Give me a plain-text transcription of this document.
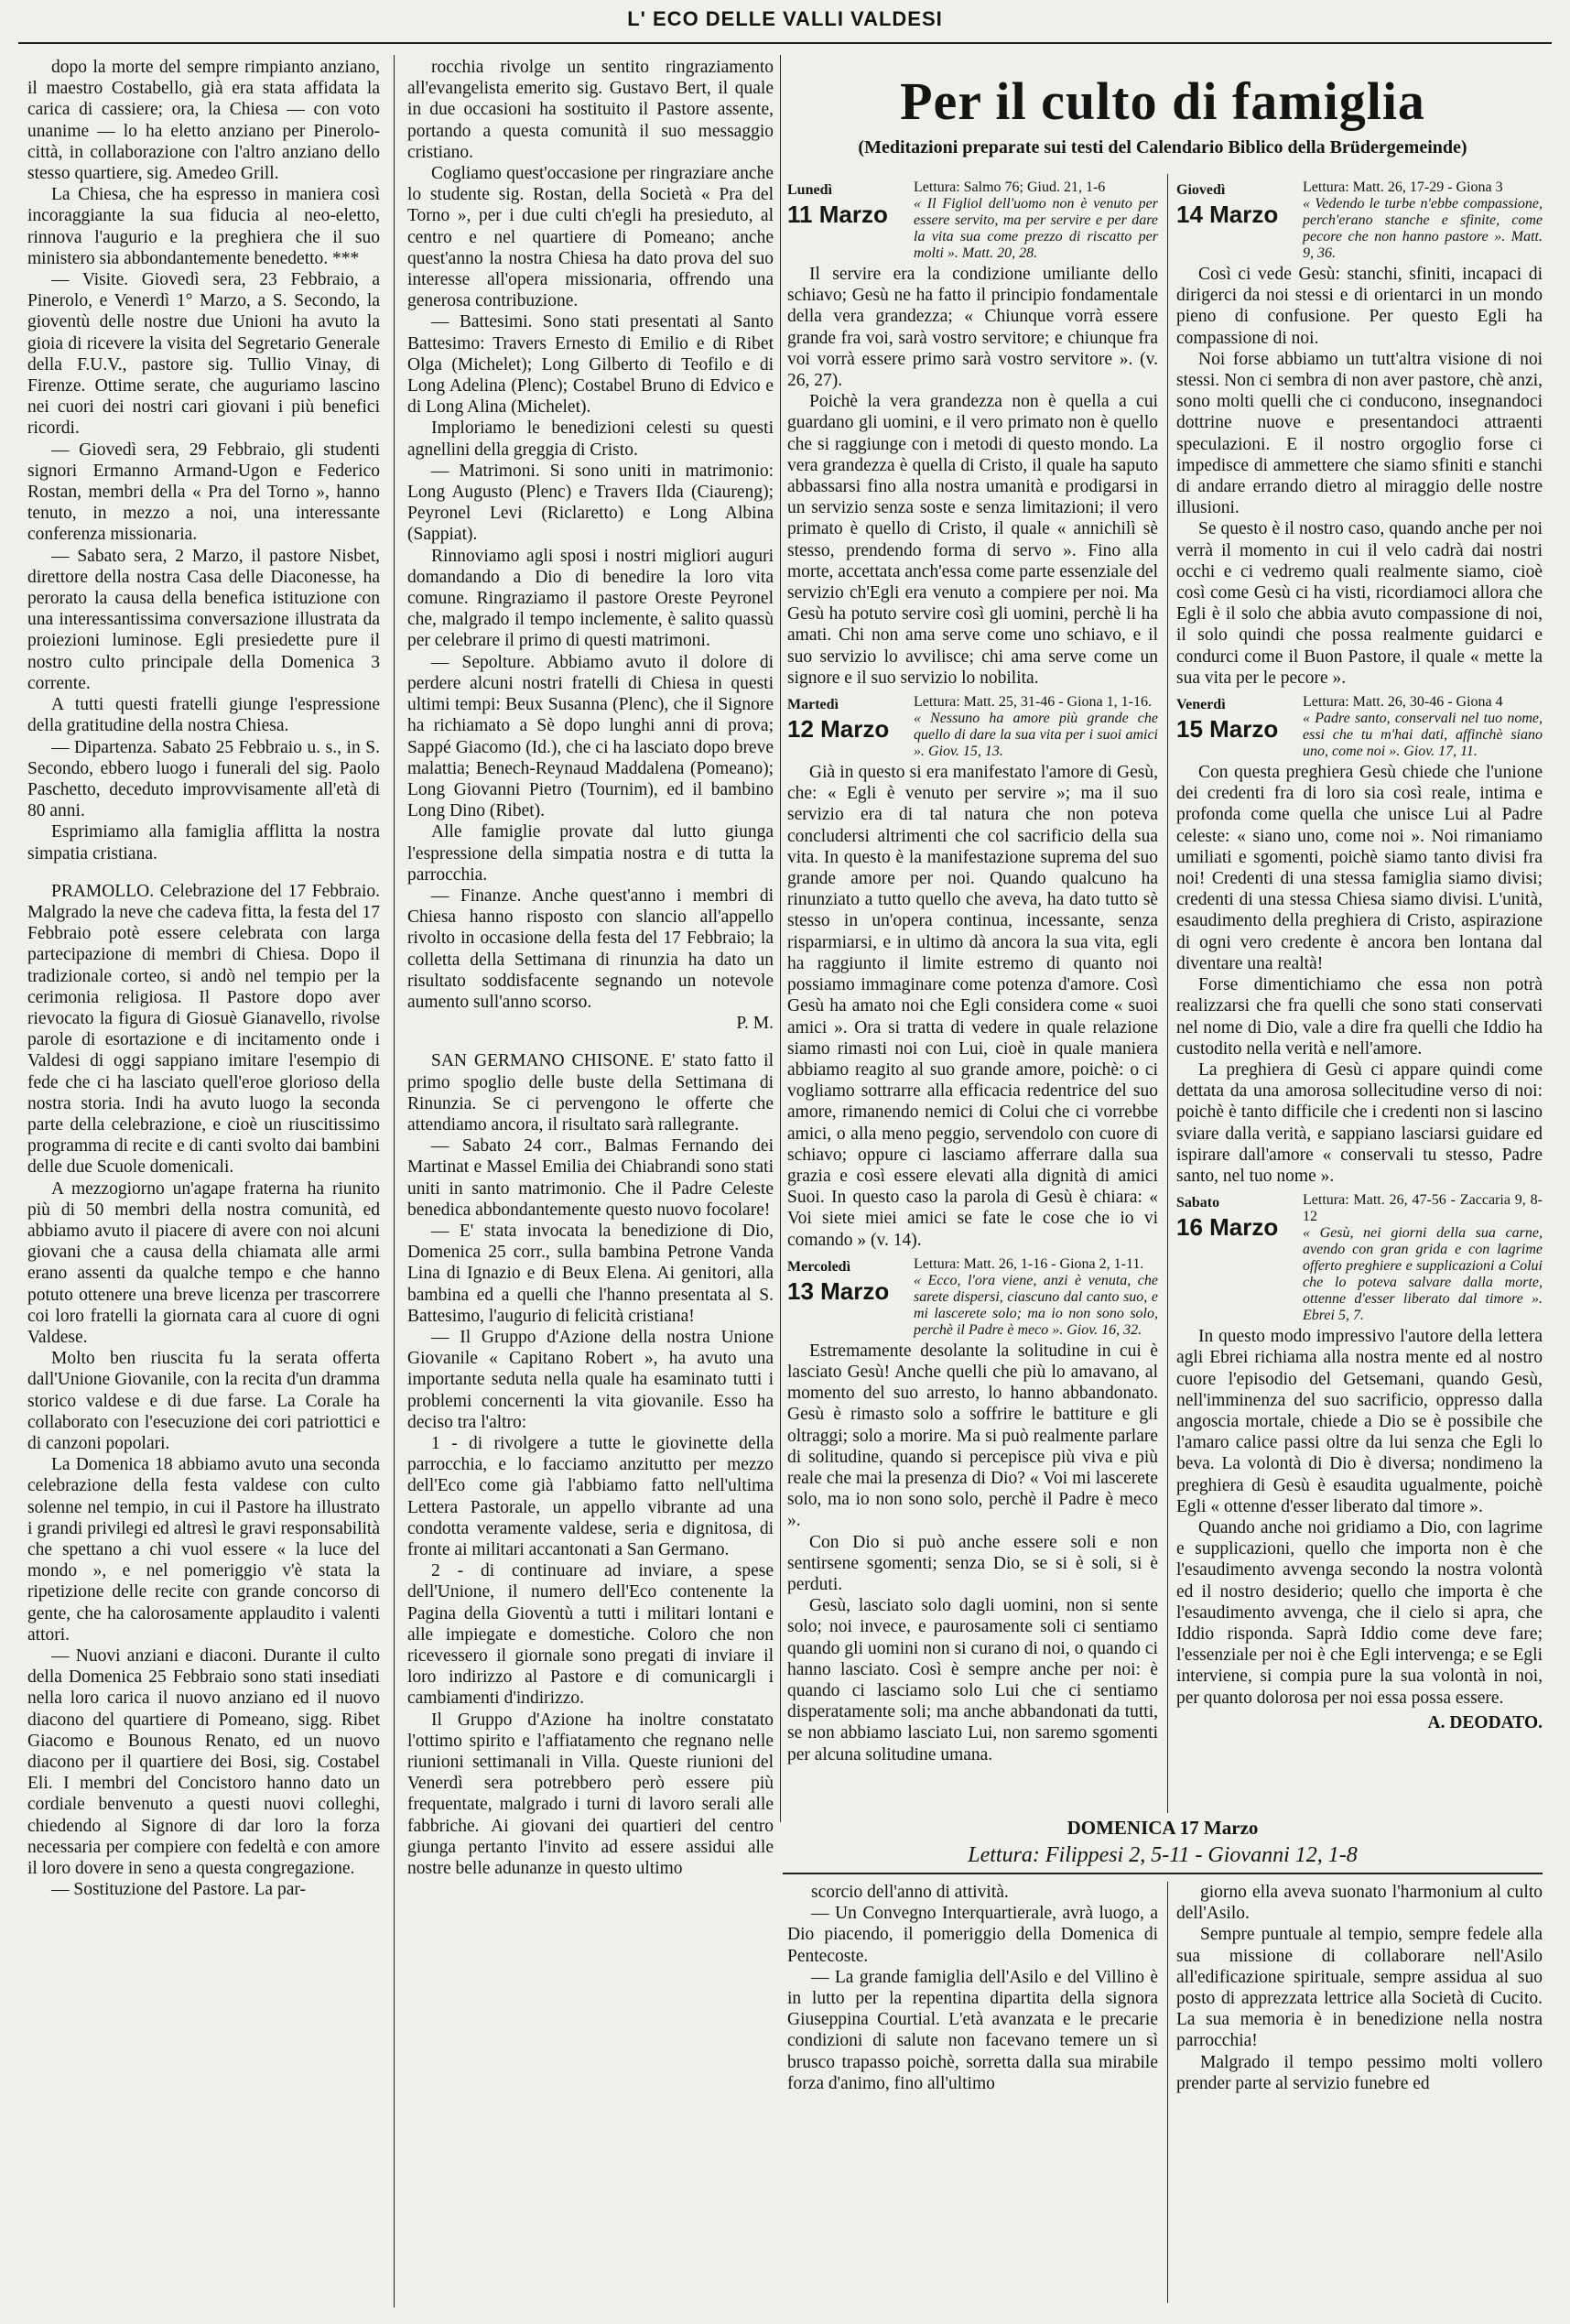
L' ECO DELLE VALLI VALDESI

dopo la morte del sempre rimpianto anziano, il maestro Costabello, già era stata affidata la carica di cassiere; ora, la Chiesa — con voto unanime — lo ha eletto anziano per Pinerolo-città, in collaborazione con l'altro anziano dello stesso quartiere, sig. Amedeo Grill.

La Chiesa, che ha espresso in maniera così incoraggiante la sua fiducia al neo-eletto, rinnova l'augurio e la preghiera che il suo ministero sia abbondantemente benedetto. ***

— Visite. Giovedì sera, 23 Febbraio, a Pinerolo, e Venerdì 1° Marzo, a S. Secondo, la gioventù delle nostre due Unioni ha avuto la gioia di ricevere la visita del Segretario Generale della F.U.V., pastore sig. Tullio Vinay, di Firenze. Ottime serate, che auguriamo lascino nei cuori dei nostri cari giovani i più benefici ricordi.

— Giovedì sera, 29 Febbraio, gli studenti signori Ermanno Armand-Ugon e Federico Rostan, membri della « Pra del Torno », hanno tenuto, in mezzo a noi, una interessante conferenza missionaria.

— Sabato sera, 2 Marzo, il pastore Nisbet, direttore della nostra Casa delle Diaconesse, ha perorato la causa della benefica istituzione con una interessantissima conversazione illustrata da proiezioni luminose. Egli presiedette pure il nostro culto principale della Domenica 3 corrente.

A tutti questi fratelli giunge l'espressione della gratitudine della nostra Chiesa.

— Dipartenza. Sabato 25 Febbraio u. s., in S. Secondo, ebbero luogo i funerali del sig. Paolo Paschetto, deceduto improvvisamente all'età di 80 anni.

Esprimiamo alla famiglia afflitta la nostra simpatia cristiana.

PRAMOLLO. Celebrazione del 17 Febbraio. Malgrado la neve che cadeva fitta, la festa del 17 Febbraio potè essere celebrata con larga partecipazione di membri di Chiesa. Dopo il tradizionale corteo, si andò nel tempio per la cerimonia religiosa. Il Pastore dopo aver rievocato la figura di Giosuè Gianavello, rivolse parole di esortazione e di incitamento onde i Valdesi di oggi sappiano imitare l'esempio di fede che ci ha lasciato quell'eroe glorioso della nostra storia. Indi ha avuto luogo la seconda parte della celebrazione, e cioè un riuscitissimo programma di recite e di canti svolto dai bambini delle due Scuole domenicali.

A mezzogiorno un'agape fraterna ha riunito più di 50 membri della nostra comunità, ed abbiamo avuto il piacere di avere con noi alcuni giovani che a causa della chiamata alle armi erano assenti da qualche tempo e che hanno potuto ottenere una breve licenza per trascorrere coi loro fratelli la giornata cara al cuore di ogni Valdese.

Molto ben riuscita fu la serata offerta dall'Unione Giovanile, con la recita d'un dramma storico valdese e di due farse. La Corale ha collaborato con l'esecuzione dei cori patriottici e di canzoni popolari.

La Domenica 18 abbiamo avuto una seconda celebrazione della festa valdese con culto solenne nel tempio, in cui il Pastore ha illustrato i grandi privilegi ed altresì le gravi responsabilità che spettano a chi vuol essere « la luce del mondo », e nel pomeriggio v'è stata la ripetizione delle recite con grande concorso di gente, che ha calorosamente applaudito i valenti attori.

— Nuovi anziani e diaconi. Durante il culto della Domenica 25 Febbraio sono stati insediati nella loro carica il nuovo anziano ed il nuovo diacono del quartiere di Pomeano, sigg. Ribet Giacomo e Bounous Renato, ed un nuovo diacono per il quartiere dei Bosi, sig. Costabel Eli. I membri del Concistoro hanno dato un cordiale benvenuto a questi nuovi colleghi, chiedendo al Signore di dar loro la forza necessaria per compiere con fedeltà e con amore il loro dovere in seno a questa congregazione.

— Sostituzione del Pastore. La par-

rocchia rivolge un sentito ringraziamento all'evangelista emerito sig. Gustavo Bert, il quale in due occasioni ha sostituito il Pastore assente, portando a questa comunità il suo messaggio cristiano.

Cogliamo quest'occasione per ringraziare anche lo studente sig. Rostan, della Società « Pra del Torno », per i due culti ch'egli ha presieduto, al centro e nel quartiere di Pomeano; anche quest'anno la nostra Chiesa ha dato prova del suo interesse all'opera missionaria, offrendo una generosa contribuzione.

— Battesimi. Sono stati presentati al Santo Battesimo: Travers Ernesto di Emilio e di Ribet Olga (Michelet); Long Gilberto di Teofilo e di Long Adelina (Plenc); Costabel Bruno di Edvico e di Long Alina (Michelet).

Imploriamo le benedizioni celesti su questi agnellini della greggia di Cristo.

— Matrimoni. Si sono uniti in matrimonio: Long Augusto (Plenc) e Travers Ilda (Ciaureng); Peyronel Levi (Riclaretto) e Long Albina (Sappiat).

Rinnoviamo agli sposi i nostri migliori auguri domandando a Dio di benedire la loro vita comune. Ringraziamo il pastore Oreste Peyronel che, malgrado il tempo inclemente, è salito quassù per celebrare il primo di questi matrimoni.

— Sepolture. Abbiamo avuto il dolore di perdere alcuni nostri fratelli di Chiesa in questi ultimi tempi: Beux Susanna (Plenc), che il Signore ha richiamato a Sè dopo lunghi anni di prova; Sappé Giacomo (Id.), che ci ha lasciato dopo breve malattia; Benech-Reynaud Maddalena (Pomeano); Long Giovanni Pietro (Tournim), ed il bambino Long Dino (Ribet).

Alle famiglie provate dal lutto giunga l'espressione della simpatia nostra e di tutta la parrocchia.

— Finanze. Anche quest'anno i membri di Chiesa hanno risposto con slancio all'appello rivolto in occasione della festa del 17 Febbraio; la colletta della Settimana di rinunzia ha dato un risultato soddisfacente segnando un notevole aumento sull'anno scorso.

P. M.

SAN GERMANO CHISONE. E' stato fatto il primo spoglio delle buste della Settimana di Rinunzia. Se ci pervengono le offerte che attendiamo ancora, il risultato sarà rallegrante.

— Sabato 24 corr., Balmas Fernando dei Martinat e Massel Emilia dei Chiabrandi sono stati uniti in santo matrimonio. Che il Padre Celeste benedica abbondantemente questo nuovo focolare!

— E' stata invocata la benedizione di Dio, Domenica 25 corr., sulla bambina Petrone Vanda Lina di Ignazio e di Beux Elena. Ai genitori, alla bambina ed a quelli che l'hanno presentata al S. Battesimo, l'augurio di felicità cristiana!

— Il Gruppo d'Azione della nostra Unione Giovanile « Capitano Robert », ha avuto una importante seduta nella quale ha esaminato tutti i problemi concernenti la vita giovanile. Esso ha deciso tra l'altro:

1 - di rivolgere a tutte le giovinette della parrocchia, e lo facciamo anzitutto per mezzo dell'Eco come già l'abbiamo fatto nell'ultima Lettera Pastorale, un appello vibrante ad una condotta veramente valdese, seria e dignitosa, di fronte ai militari accantonati a San Germano.

2 - di continuare ad inviare, a spese dell'Unione, il numero dell'Eco contenente la Pagina della Gioventù a tutti i militari lontani e alle impiegate e domestiche. Coloro che non ricevessero il giornale sono pregati di inviare il loro indirizzo al Pastore e di comunicargli i cambiamenti d'indirizzo.

Il Gruppo d'Azione ha inoltre constatato l'ottimo spirito e l'affiatamento che regnano nelle riunioni settimanali in Villa. Queste riunioni del Venerdì sera potrebbero però essere più frequentate, malgrado i turni di lavoro serali alle fabbriche. Ai giovani dei quartieri del centro giunga pertanto l'invito ad essere assidui alle nostre belle adunanze in questo ultimo

Per il culto di famiglia
(Meditazioni preparate sui testi del Calendario Biblico della Brüdergemeinde)
Lunedì
11 Marzo
Lettura: Salmo 76; Giud. 21, 1-6
« Il Figliol dell'uomo non è venuto per essere servito, ma per servire e per dare la vita sua come prezzo di riscatto per molti ». Matt. 20, 28.

Il servire era la condizione umiliante dello schiavo; Gesù ne ha fatto il principio fondamentale della vera grandezza; « Chiunque vorrà essere grande fra voi, sarà vostro servitore; e chiunque fra voi vorrà essere primo sarà vostro servitore ». (v. 26, 27).

Poichè la vera grandezza non è quella a cui guardano gli uomini, e il vero primato non è quello che si raggiunge con i metodi di questo mondo. La vera grandezza è quella di Cristo, il quale ha saputo abbassarsi fino alla nostra umanità e prodigarsi in un servizio senza soste e senza limitazioni; il vero primato è quello di Cristo, il quale « annichilì sè stesso, prendendo forma di servo ». Fino alla morte, accettata anch'essa come parte essenziale del servizio ch'Egli era venuto a compiere per noi. Ma Gesù ha potuto servire così gli uomini, perchè li ha amati. Chi non ama serve come uno schiavo, e il suo servizio lo avvilisce; chi ama serve come un signore e il suo servizio lo nobilita.

Martedì
12 Marzo
Lettura: Matt. 25, 31-46 - Giona 1, 1-16.
« Nessuno ha amore più grande che quello di dare la sua vita per i suoi amici ». Giov. 15, 13.

Già in questo si era manifestato l'amore di Gesù, che: « Egli è venuto per servire »; ma il suo servizio era di tal natura che non poteva concludersi altrimenti che col sacrificio della sua vita. In questo è la manifestazione suprema del suo grande amore per noi. Quando qualcuno ha rinunziato a tutto quello che aveva, ha dato tutto sè stesso in un'opera continua, incessante, senza risparmiarsi, e in ultimo dà ancora la sua vita, egli ha raggiunto il limite estremo di quanto noi possiamo immaginare come potenza d'amore. Così Gesù ha amato noi che Egli considera come « suoi amici ». Ora si tratta di vedere in quale relazione siamo rimasti noi con Lui, cioè in quale maniera abbiamo reagito al suo grande amore, poichè: o ci vogliamo sottrarre alla efficacia redentrice del suo amore, rimanendo nemici di Colui che ci vorrebbe amici, o alla meno peggio, servendolo con cuore di schiavo; oppure ci lasciamo afferrare dalla sua grazia e così essere elevati alla dignità di amici Suoi. In questo caso la parola di Gesù è chiara: « Voi siete miei amici se fate le cose che io vi comando » (v. 14).

Mercoledì
13 Marzo
Lettura: Matt. 26, 1-16 - Giona 2, 1-11.
« Ecco, l'ora viene, anzi è venuta, che sarete dispersi, ciascuno dal canto suo, e mi lascerete solo; ma io non sono solo, perchè il Padre è meco ». Giov. 16, 32.

Estremamente desolante la solitudine in cui è lasciato Gesù! Anche quelli che più lo amavano, al momento del suo arresto, lo hanno abbandonato. Gesù è rimasto solo a soffrire le battiture e gli oltraggi; solo a morire. Ma si può realmente parlare di solitudine, quando si percepisce più viva e più reale che mai la presenza di Dio? « Voi mi lascerete solo, ma io non sono solo, perchè il Padre è meco ».

Con Dio si può anche essere soli e non sentirsene sgomenti; senza Dio, se si è soli, si è perduti.

Gesù, lasciato solo dagli uomini, non si sente solo; noi invece, e paurosamente soli ci sentiamo quando gli uomini non si curano di noi, o quando ci hanno lasciato. Così è sempre anche per noi: è quando ci lasciamo solo Lui che ci sentiamo disperatamente soli; ma anche abbandonati da tutti, se non abbiamo lasciato Lui, non saremo sgomenti per alcuna solitudine umana.

Giovedì
14 Marzo
Lettura: Matt. 26, 17-29 - Giona 3
« Vedendo le turbe n'ebbe compassione, perch'erano stanche e sfinite, come pecore che non hanno pastore ». Matt. 9, 36.

Così ci vede Gesù: stanchi, sfiniti, incapaci di dirigerci da noi stessi e di orientarci in un mondo pieno di confusione. Per questo Egli ha compassione di noi.

Noi forse abbiamo un tutt'altra visione di noi stessi. Non ci sembra di non aver pastore, chè anzi, sono molti quelli che ci conducono, insegnandoci dottrine nuove e presentandoci attraenti speculazioni. E il nostro orgoglio forse ci impedisce di ammettere che siamo sfiniti e stanchi di andare errando dietro al miraggio delle nostre illusioni.

Se questo è il nostro caso, quando anche per noi verrà il momento in cui il velo cadrà dai nostri occhi e ci vedremo quali realmente siamo, cioè così come Gesù ci ha visti, ricordiamoci allora che Egli è il solo che abbia avuto compassione di noi, il solo quindi che possa realmente guidarci e condurci come il Buon Pastore, il quale « mette la sua vita per le pecore ».

Venerdì
15 Marzo
Lettura: Matt. 26, 30-46 - Giona 4
« Padre santo, conservali nel tuo nome, essi che tu m'hai dati, affinchè siano uno, come noi ». Giov. 17, 11.

Con questa preghiera Gesù chiede che l'unione dei credenti fra di loro sia così reale, intima e profonda come quella che unisce Lui al Padre celeste: « siano uno, come noi ». Noi rimaniamo umiliati e sgomenti, poichè siamo tanto divisi fra noi! Credenti di una stessa famiglia siamo divisi; credenti di una stessa Chiesa siamo divisi. L'unità, esaudimento della preghiera di Cristo, aspirazione di ogni vero credente è ancora ben lontana dal diventare una realtà!

Forse dimentichiamo che essa non potrà realizzarsi che fra quelli che sono stati conservati nel nome di Dio, vale a dire fra quelli che Iddio ha custodito nella verità e nell'amore.

La preghiera di Gesù ci appare quindi come dettata da una amorosa sollecitudine verso di noi: poichè è tanto difficile che i credenti non si lascino sviare dalla verità, e sappiano lasciarsi guidare ed ispirare dall'amore « conservali tu stesso, Padre santo, nel tuo nome ».

Sabato
16 Marzo
Lettura: Matt. 26, 47-56 - Zaccaria 9, 8-12
« Gesù, nei giorni della sua carne, avendo con gran grida e con lagrime offerto preghiere e supplicazioni a Colui che lo poteva salvare dalla morte, ottenne d'esser liberato dal timore ». Ebrei 5, 7.

In questo modo impressivo l'autore della lettera agli Ebrei richiama alla nostra mente ed al nostro cuore l'episodio del Getsemani, quando Gesù, nell'imminenza del suo sacrificio, oppresso dalla angoscia mortale, chiede a Dio se è possibile che l'amaro calice passi oltre da lui senza che Egli lo beva. La volontà di Dio è diversa; nondimeno la preghiera di Gesù è esaudita ugualmente, poichè Egli « ottenne d'esser liberato dal timore ».

Quando anche noi gridiamo a Dio, con lagrime e supplicazioni, quello che importa non è che l'esaudimento avvenga secondo la nostra volontà ed il nostro desiderio; quello che importa è che l'esaudimento avvenga, che il cielo si apra, che Iddio risponda. Saprà Iddio come deve fare; l'essenziale per noi è che Egli intervenga; e se Egli interviene, si compia pure la sua volontà in noi, per quanto dolorosa per noi essa possa essere.

A. DEODATO.
DOMENICA 17 Marzo
Lettura: Filippesi 2, 5-11 - Giovanni 12, 1-8

scorcio dell'anno di attività.

— Un Convegno Interquartierale, avrà luogo, a Dio piacendo, il pomeriggio della Domenica di Pentecoste.

— La grande famiglia dell'Asilo e del Villino è in lutto per la repentina dipartita della signora Giuseppina Courtial. L'età avanzata e le precarie condizioni di salute non facevano temere un sì brusco trapasso poichè, sorretta dalla sua mirabile forza d'animo, fino all'ultimo

giorno ella aveva suonato l'harmonium al culto dell'Asilo.

Sempre puntuale al tempio, sempre fedele alla sua missione di collaborare nell'Asilo all'edificazione spirituale, sempre assidua al suo posto di apprezzata lettrice alla Società di Cucito. La sua memoria è in benedizione nella nostra parrocchia!

Malgrado il tempo pessimo molti vollero prender parte al servizio funebre ed
